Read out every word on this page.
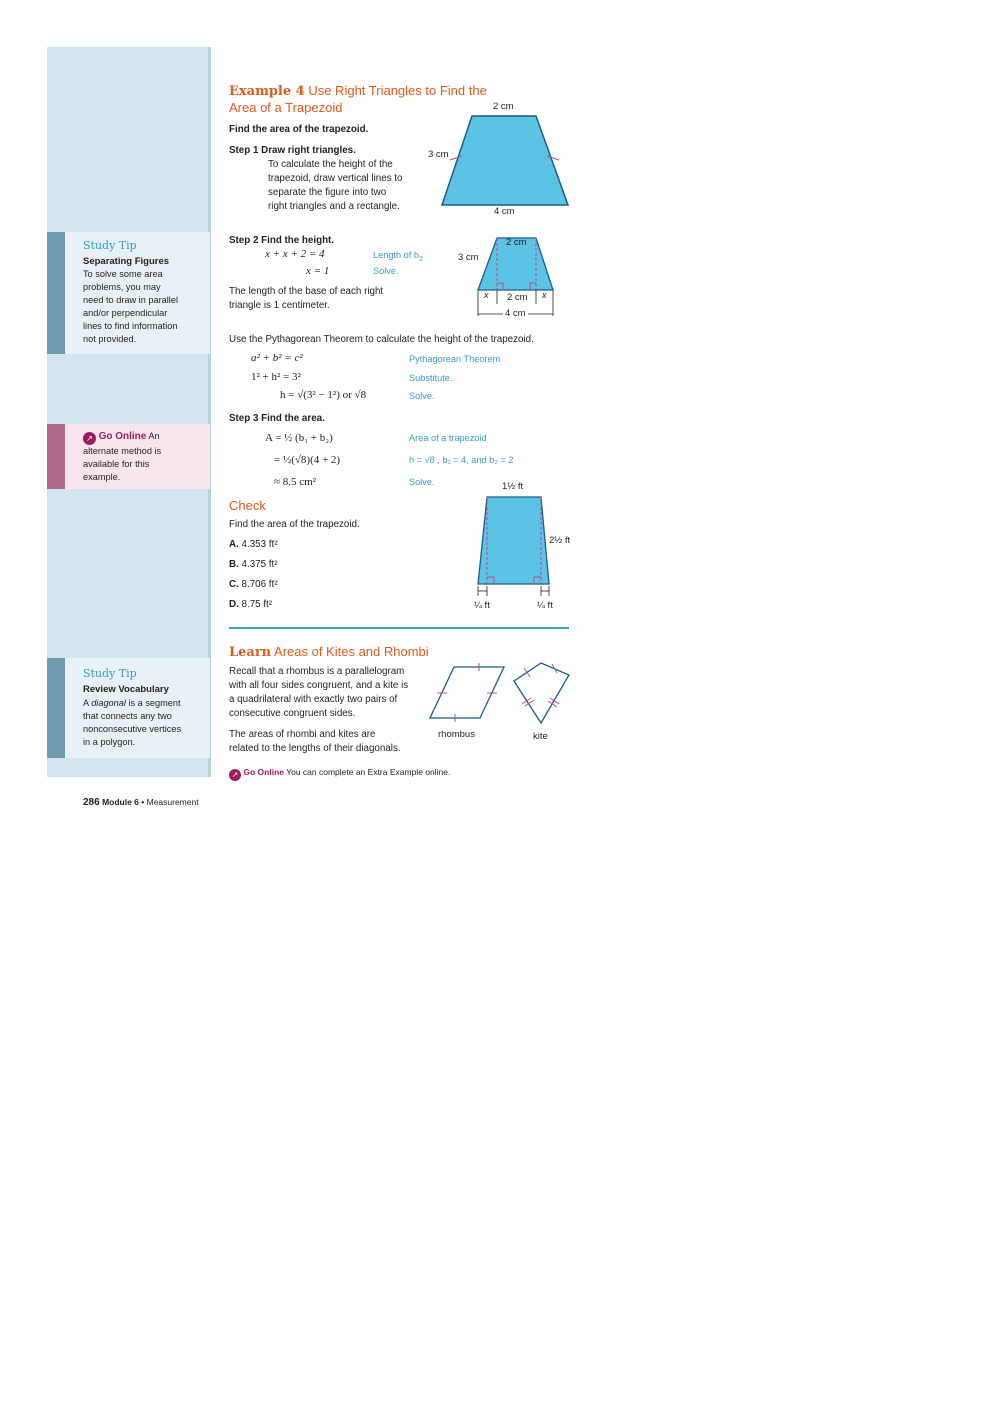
Study Tip
Separating Figures
To solve some area
problems, you may
need to draw in parallel
and/or perpendicular
lines to find information
not provided.
↗ Go Online An
alternate method is
available for this
example.
Study Tip
Review Vocabulary
A diagonal is a segment
that connects any two
nonconsecutive vertices
in a polygon.
Example 4 Use Right Triangles to Find the
Area of a Trapezoid
Find the area of the trapezoid.
Step 1 Draw right triangles.
To calculate the height of the
trapezoid, draw vertical lines to
separate the figure into two
right triangles and a rectangle.
2 cm
3 cm
4 cm
Step 2 Find the height.
x + x + 2 = 4	Length of $b_2$
x = 1	Solve.
The length of the base of each right
triangle is 1 centimeter.
2 cm
3 cm
x 2 cm x
4 cm
Use the Pythagorean Theorem to calculate the height of the trapezoid.
a² + b² = c²	Pythagorean Theorem
1² + h² = 3²	Substitute.
h = √(3² − 1²) or √8	Solve.
Step 3 Find the area.
A = ½ (b₁ + b₂)	Area of a trapezoid
= ½(√8)(4 + 2)	h = √8 , b₁ = 4, and b₂ = 2
≈ 8.5 cm²	Solve.
Check
Find the area of the trapezoid.
A. 4.353 ft²
B. 4.375 ft²
C. 8.706 ft²
D. 8.75 ft²
1½ ft
2½ ft
¼ ft	¼ ft
Learn Areas of Kites and Rhombi
Recall that a rhombus is a parallelogram
with all four sides congruent, and a kite is
a quadrilateral with exactly two pairs of
consecutive congruent sides.
The areas of rhombi and kites are
related to the lengths of their diagonals.
rhombus	kite
↗ Go Online You can complete an Extra Example online.
286 Module 6 • Measurement
